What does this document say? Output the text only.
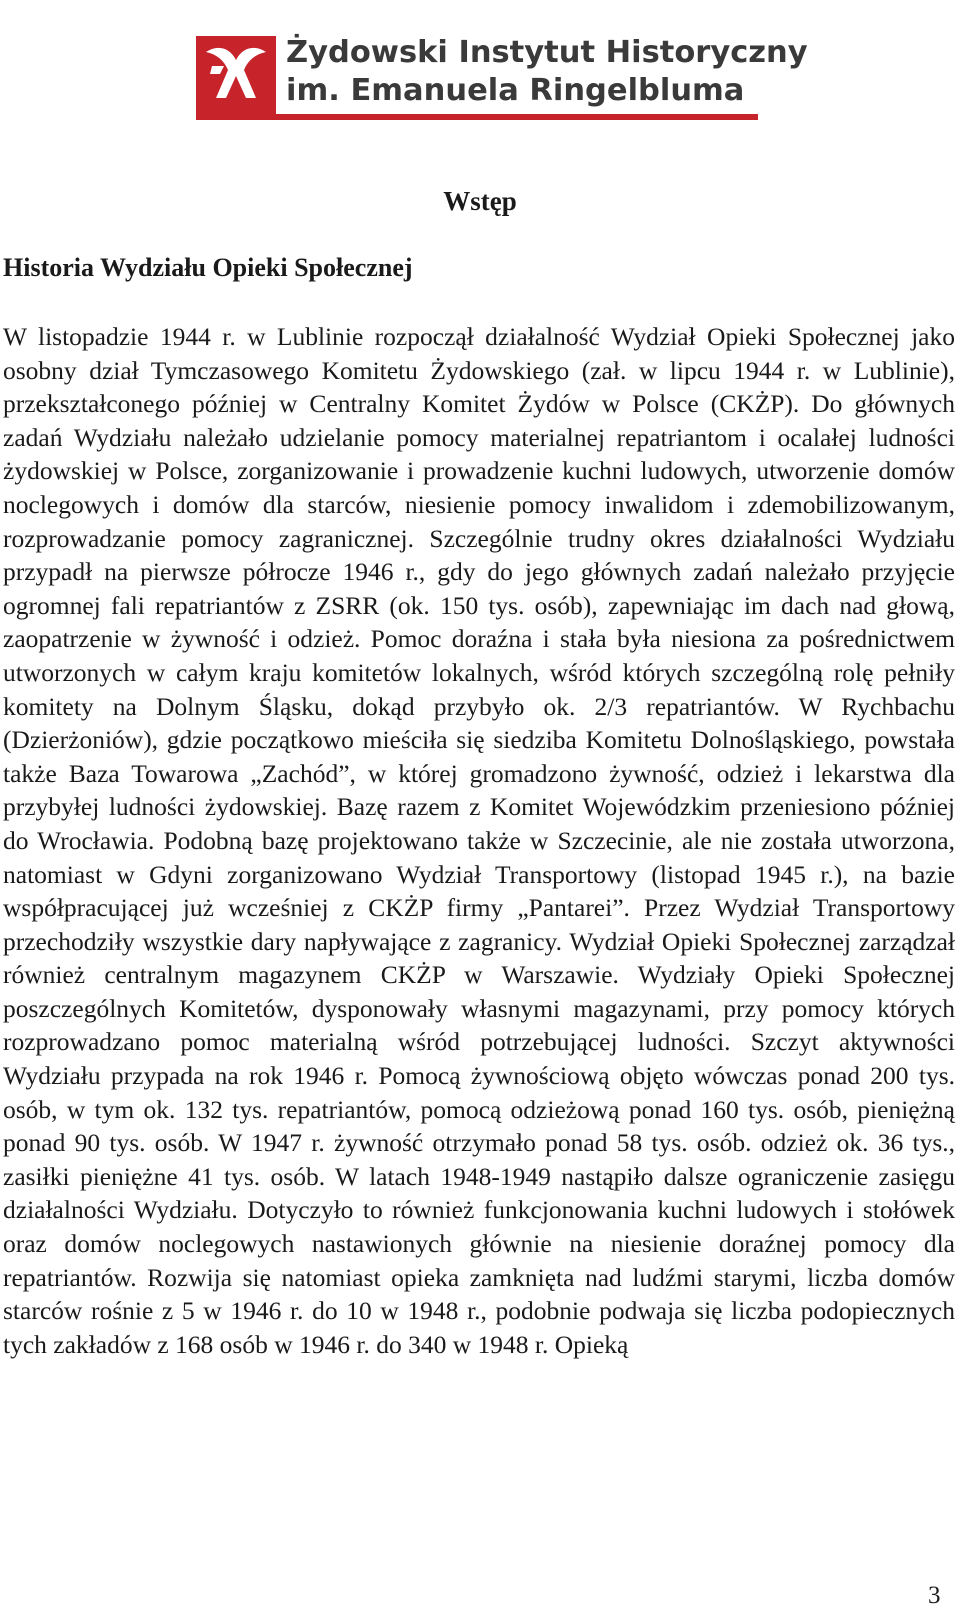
Żydowski Instytut Historyczny
im. Emanuela Ringelbluma
Wstęp
Historia Wydziału Opieki Społecznej

W listopadzie 1944 r. w Lublinie rozpoczął działalność Wydział Opieki Społecznej jako osobny dział Tymczasowego Komitetu Żydowskiego (zał. w lipcu 1944 r. w Lublinie), przekształconego później w Centralny Komitet Żydów w Polsce (CKŻP). Do głównych zadań Wydziału należało udzielanie pomocy materialnej repatriantom i ocalałej ludności żydowskiej w Polsce, zorganizowanie i prowadzenie kuchni ludowych, utworzenie domów noclegowych i domów dla starców, niesienie pomocy inwalidom i zdemobilizowanym, rozprowadzanie pomocy zagranicznej. Szczególnie trudny okres działalności Wydziału przypadł na pierwsze półrocze 1946 r., gdy do jego głównych zadań należało przyjęcie ogromnej fali repatriantów z ZSRR (ok. 150 tys. osób), zapewniając im dach nad głową, zaopatrzenie w żywność i odzież. Pomoc doraźna i stała była niesiona za pośrednictwem utworzonych w całym kraju komitetów lokalnych, wśród których szczególną rolę pełniły komitety na Dolnym Śląsku, dokąd przybyło ok. 2/3 repatriantów. W Rychbachu (Dzierżoniów), gdzie początkowo mieściła się siedziba Komitetu Dolnośląskiego, powstała także Baza Towarowa „Zachód”, w której gromadzono żywność, odzież i lekarstwa dla przybyłej ludności żydowskiej. Bazę razem z Komitet Wojewódzkim przeniesiono później do Wrocławia. Podobną bazę projektowano także w Szczecinie, ale nie została utworzona, natomiast w Gdyni zorganizowano Wydział Transportowy (listopad 1945 r.), na bazie współpracującej już wcześniej z CKŻP firmy „Pantarei”. Przez Wydział Transportowy przechodziły wszystkie dary napływające z zagranicy. Wydział Opieki Społecznej zarządzał również centralnym magazynem CKŻP w Warszawie. Wydziały Opieki Społecznej poszczególnych Komitetów, dysponowały własnymi magazynami, przy pomocy których rozprowadzano pomoc materialną wśród potrzebującej ludności. Szczyt aktywności Wydziału przypada na rok 1946 r. Pomocą żywnościową objęto wówczas ponad 200 tys. osób, w tym ok. 132 tys. repatriantów, pomocą odzieżową ponad 160 tys. osób, pieniężną ponad 90 tys. osób. W 1947 r. żywność otrzymało ponad 58 tys. osób. odzież ok. 36 tys., zasiłki pieniężne 41 tys. osób. W latach 1948-1949 nastąpiło dalsze ograniczenie zasięgu działalności Wydziału. Dotyczyło to również funkcjonowania kuchni ludowych i stołówek oraz domów noclegowych nastawionych głównie na niesienie doraźnej pomocy dla repatriantów. Rozwija się natomiast opieka zamknięta nad ludźmi starymi, liczba domów starców rośnie z 5 w 1946 r. do 10 w 1948 r., podobnie podwaja się liczba podopiecznych tych zakładów z 168 osób w 1946 r. do 340 w 1948 r. Opieką

3
